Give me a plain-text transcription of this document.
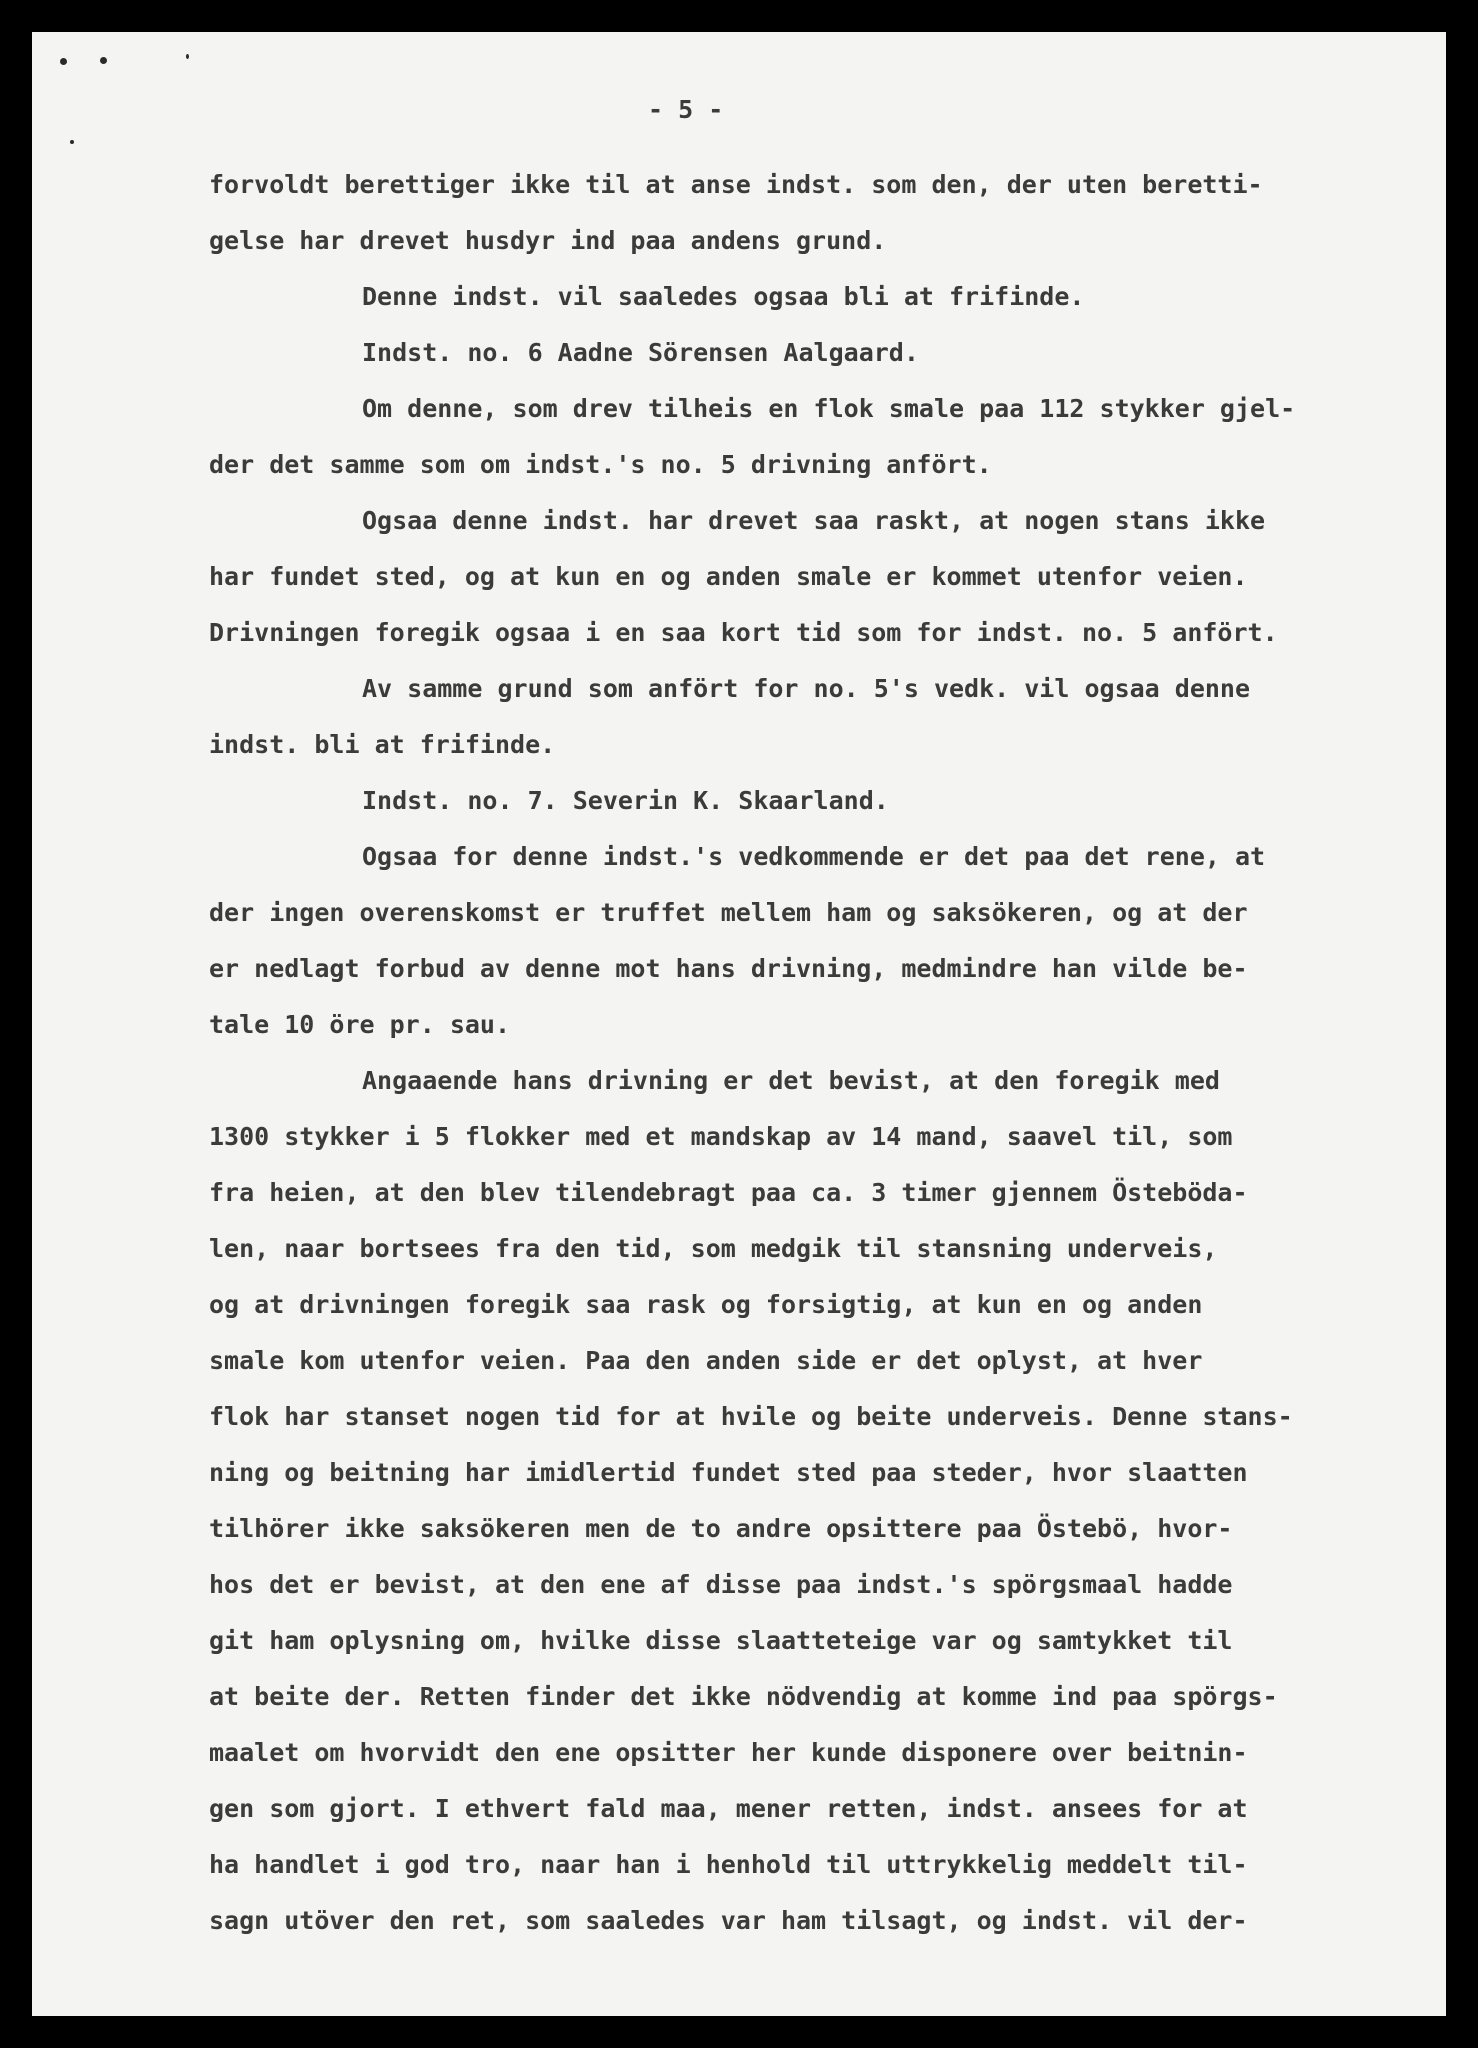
- 5 -
forvoldt berettiger ikke til at anse indst. som den, der uten beretti-
gelse har drevet husdyr ind paa andens grund.
Denne indst. vil saaledes ogsaa bli at frifinde.
Indst. no. 6 Aadne Sörensen Aalgaard.
Om denne, som drev tilheis en flok smale paa 112 stykker gjel-
der det samme som om indst.'s no. 5 drivning anfört.
Ogsaa denne indst. har drevet saa raskt, at nogen stans ikke
har fundet sted, og at kun en og anden smale er kommet utenfor veien.
Drivningen foregik ogsaa i en saa kort tid som for indst. no. 5 anfört.
Av samme grund som anfört for no. 5's vedk. vil ogsaa denne
indst. bli at frifinde.
Indst. no. 7. Severin K. Skaarland.
Ogsaa for denne indst.'s vedkommende er det paa det rene, at
der ingen overenskomst er truffet mellem ham og saksökeren, og at der
er nedlagt forbud av denne mot hans drivning, medmindre han vilde be-
tale 10 öre pr. sau.
Angaaende hans drivning er det bevist, at den foregik med
1300 stykker i 5 flokker med et mandskap av 14 mand, saavel til, som
fra heien, at den blev tilendebragt paa ca. 3 timer gjennem Östebödа-
len, naar bortsees fra den tid, som medgik til stansning underveis,
og at drivningen foregik saa rask og forsigtig, at kun en og anden
smale kom utenfor veien. Paa den anden side er det oplyst, at hver
flok har stanset nogen tid for at hvile og beite underveis. Denne stans-
ning og beitning har imidlertid fundet sted paa steder, hvor slaatten
tilhörer ikke saksökeren men de to andre opsittere paa Östebö, hvor-
hos det er bevist, at den ene af disse paa indst.'s spörgsmaal hadde
git ham oplysning om, hvilke disse slaatteteige var og samtykket til
at beite der. Retten finder det ikke nödvendig at komme ind paa spörgs-
maalet om hvorvidt den ene opsitter her kunde disponere over beitnin-
gen som gjort. I ethvert fald maa, mener retten, indst. ansees for at
ha handlet i god tro, naar han i henhold til uttrykkelig meddelt til-
sagn utöver den ret, som saaledes var ham tilsagt, og indst. vil der-
